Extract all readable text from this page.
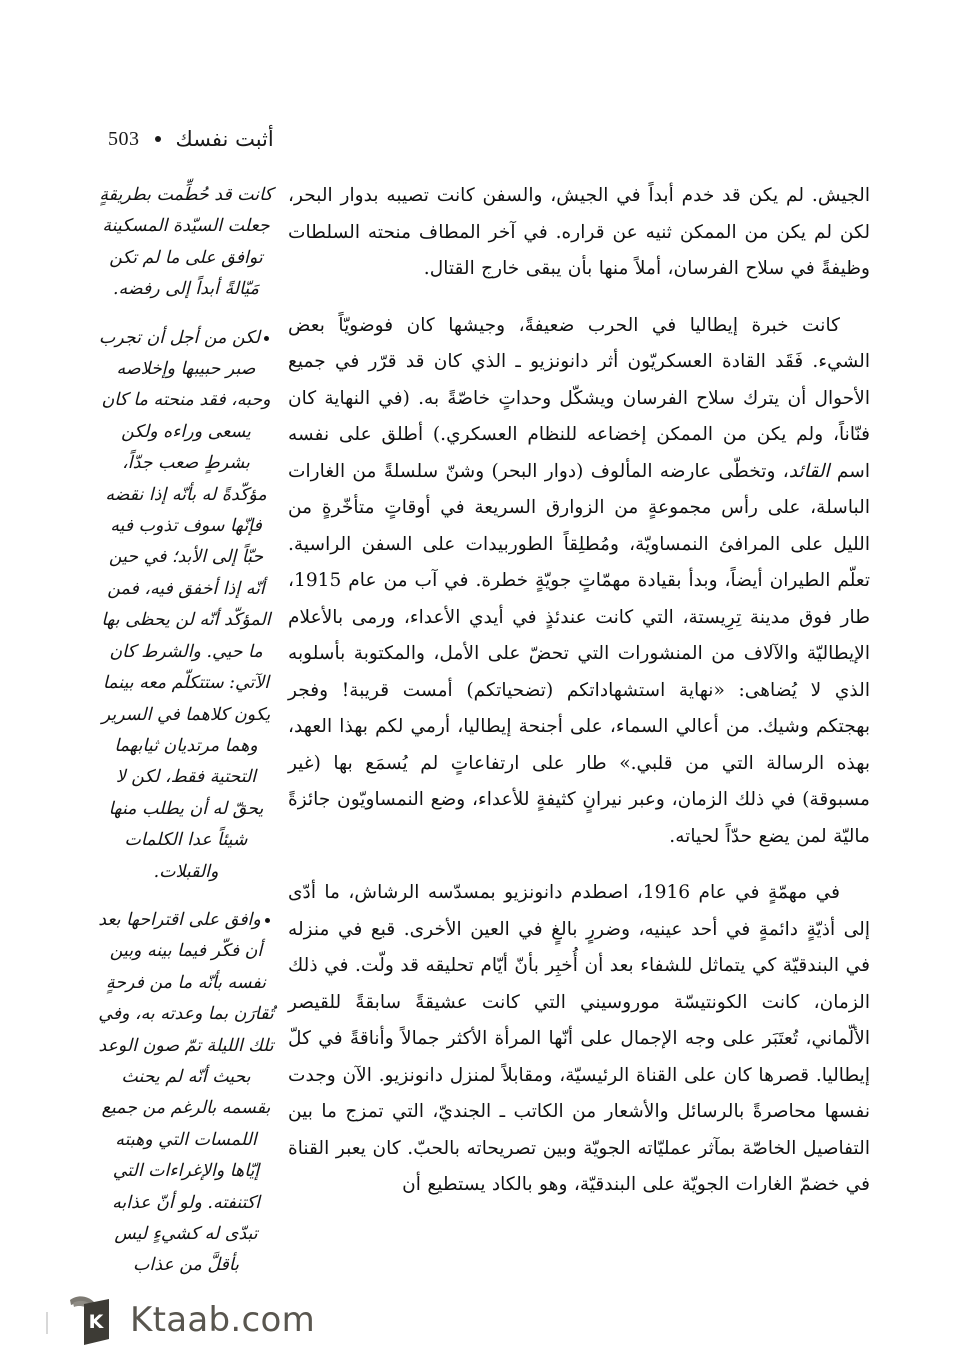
503 أثبت نفسك

الجيش. لم يكن قد خدم أبداً في الجيش، والسفن كانت تصيبه بدوار البحر، لكن لم يكن من الممكن ثنيه عن قراره. في آخر المطاف منحته السلطات وظيفةً في سلاح الفرسان، أملاً منها بأن يبقى خارج القتال.

كانت خبرة إيطاليا في الحرب ضعيفةً، وجيشها كان فوضويّاً بعض الشيء. فَقَد القادة العسكريّون أثر دانونزيو ـ الذي كان قد قرّر في جميع الأحوال أن يترك سلاح الفرسان ويشكّل وحداتٍ خاصّةً به. (في النهاية كان فنّاناً، ولم يكن من الممكن إخضاعه للنظام العسكري.) أطلق على نفسه اسم القائد، وتخطّى عارضه المألوف (دوار البحر) وشنّ سلسلةً من الغارات الباسلة، على رأس مجموعةٍ من الزوارق السريعة في أوقاتٍ متأخّرةٍ من الليل على المرافئ النمساويّة، ومُطلِقاً الطوربيدات على السفن الراسية. تعلّم الطيران أيضاً، وبدأ بقيادة مهمّاتٍ جويّةٍ خطرة. في آب من عام 1915، طار فوق مدينة تِرِيستة، التي كانت عندئذٍ في أيدي الأعداء، ورمى بالأعلام الإيطاليّة والآلاف من المنشورات التي تحضّ على الأمل، والمكتوبة بأسلوبه الذي لا يُضاهى: «نهاية استشهاداتكم (تضحياتكم) أمست قريبة! وفجر بهجتكم وشيك. من أعالي السماء، على أجنحة إيطاليا، أرمي لكم بهذا العهد، بهذه الرسالة التي من قلبي.» طار على ارتفاعاتٍ لم يُسمَع بها (غير مسبوقة) في ذلك الزمان، وعبر نيرانٍ كثيفةٍ للأعداء، وضع النمساويّون جائزةً ماليّة لمن يضع حدّاً لحياته.

في مهمّةٍ في عام 1916، اصطدم دانونزيو بمسدّسه الرشاش، ما أدّى إلى أذيّةٍ دائمةٍ في أحد عينيه، وضررٍ بالغٍ في العين الأخرى. قبع في منزله في البندقيّة كي يتماثل للشفاء بعد أن أُخبِر بأنّ أيّام تحليقه قد ولّت. في ذلك الزمان، كانت الكونتيسّة موروسيني التي كانت عشيقةً سابقةً للقيصر الألّماني، تُعتَبَر على وجه الإجمال على أنّها المرأة الأكثر جمالاً وأناقةً في كلّ إيطاليا. قصرها كان على القناة الرئيسيّة، ومقابلاً لمنزل دانونزيو. الآن وجدت نفسها محاصرةً بالرسائل والأشعار من الكاتب ـ الجنديّ، التي تمزج ما بين التفاصيل الخاصّة بمآثر عمليّاته الجويّة وبين تصريحاته بالحبّ. كان يعبر القناة في خضمّ الغارات الجويّة على البندقيّة، وهو بالكاد يستطيع أن

كانت قد حُطِّمت بطريقةٍ جعلت السيّدة المسكينة توافق على ما لم تكن مَيّالةً أبداً إلى رفضه.

لكن من أجل أن تجرب صبر حبيبها وإخلاصه وحبه، فقد منحته ما كان يسعى وراءه ولكن بشرطٍ صعب جدّاً، مؤكّدةً له بأنّه إذا نقضه فإنّها سوف تذوب فيه حبّاً إلى الأبد؛ في حين أنّه إذا أخفق فيه، فمن المؤكّد أنّه لن يحظى بها ما حيي. والشرط كان الآتي: ستتكلّم معه بينما يكون كلاهما في السرير وهما مرتديان ثيابهما التحتية فقط، لكن لا يحقّ له أن يطلب منها شيئاً عدا الكلمات والقبلات.

وافق على اقتراحها بعد أن فكّر فيما بينه وبين نفسه بأنّه ما من فرحةٍ تُقارَن بما وعدته به، وفي تلك الليلة تمّ صون الوعد بحيث أنّه لم يحنث بقسمه بالرغم من جميع اللمسات التي وهبته إيّاها والإغراءات التي اكتنفته. ولو أنّ عذابه تبدّى له كشيءٍ ليس بأقلَّ من عذاب

K Ktaab.com
